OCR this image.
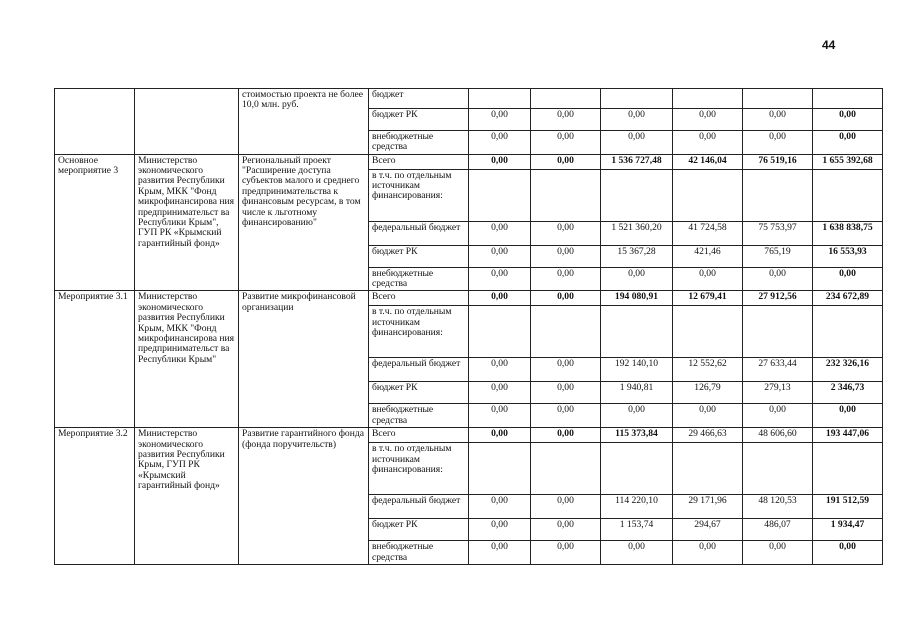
44
		стоимостью проекта не более 10,0 млн. руб.	бюджет						
			бюджет РК	0,00	0,00	0,00	0,00	0,00	0,00
			внебюджетные средства	0,00	0,00	0,00	0,00	0,00	0,00
Основное мероприятие 3	Министерство экономического развития Республики Крым, МКК "Фонд микрофинансирова ния предпринимательст ва Республики Крым", ГУП РК «Крымский гарантийный фонд»	Региональный проект "Расширение доступа субъектов малого и среднего предпринимательства к финансовым ресурсам, в том числе к льготному финансированию"	Всего	0,00	0,00	1 536 727,48	42 146,04	76 519,16	1 655 392,68
			в т.ч. по отдельным источникам финансирования:						
			федеральный бюджет	0,00	0,00	1 521 360,20	41 724,58	75 753,97	1 638 838,75
			бюджет РК	0,00	0,00	15 367,28	421,46	765,19	16 553,93
			внебюджетные средства	0,00	0,00	0,00	0,00	0,00	0,00
Мероприятие 3.1	Министерство экономического развития Республики Крым, МКК "Фонд микрофинансирова ния предпринимательст ва Республики Крым"	Развитие микрофинансовой организации	Всего	0,00	0,00	194 080,91	12 679,41	27 912,56	234 672,89
			в т.ч. по отдельным источникам финансирования:						
			федеральный бюджет	0,00	0,00	192 140,10	12 552,62	27 633,44	232 326,16
			бюджет РК	0,00	0,00	1 940,81	126,79	279,13	2 346,73
			внебюджетные средства	0,00	0,00	0,00	0,00	0,00	0,00
Мероприятие 3.2	Министерство экономического развития Республики Крым, ГУП РК «Крымский гарантийный фонд»	Развитие гарантийного фонда (фонда поручительств)	Всего	0,00	0,00	115 373,84	29 466,63	48 606,60	193 447,06
			в т.ч. по отдельным источникам финансирования:						
			федеральный бюджет	0,00	0,00	114 220,10	29 171,96	48 120,53	191 512,59
			бюджет РК	0,00	0,00	1 153,74	294,67	486,07	1 934,47
			внебюджетные средства	0,00	0,00	0,00	0,00	0,00	0,00
